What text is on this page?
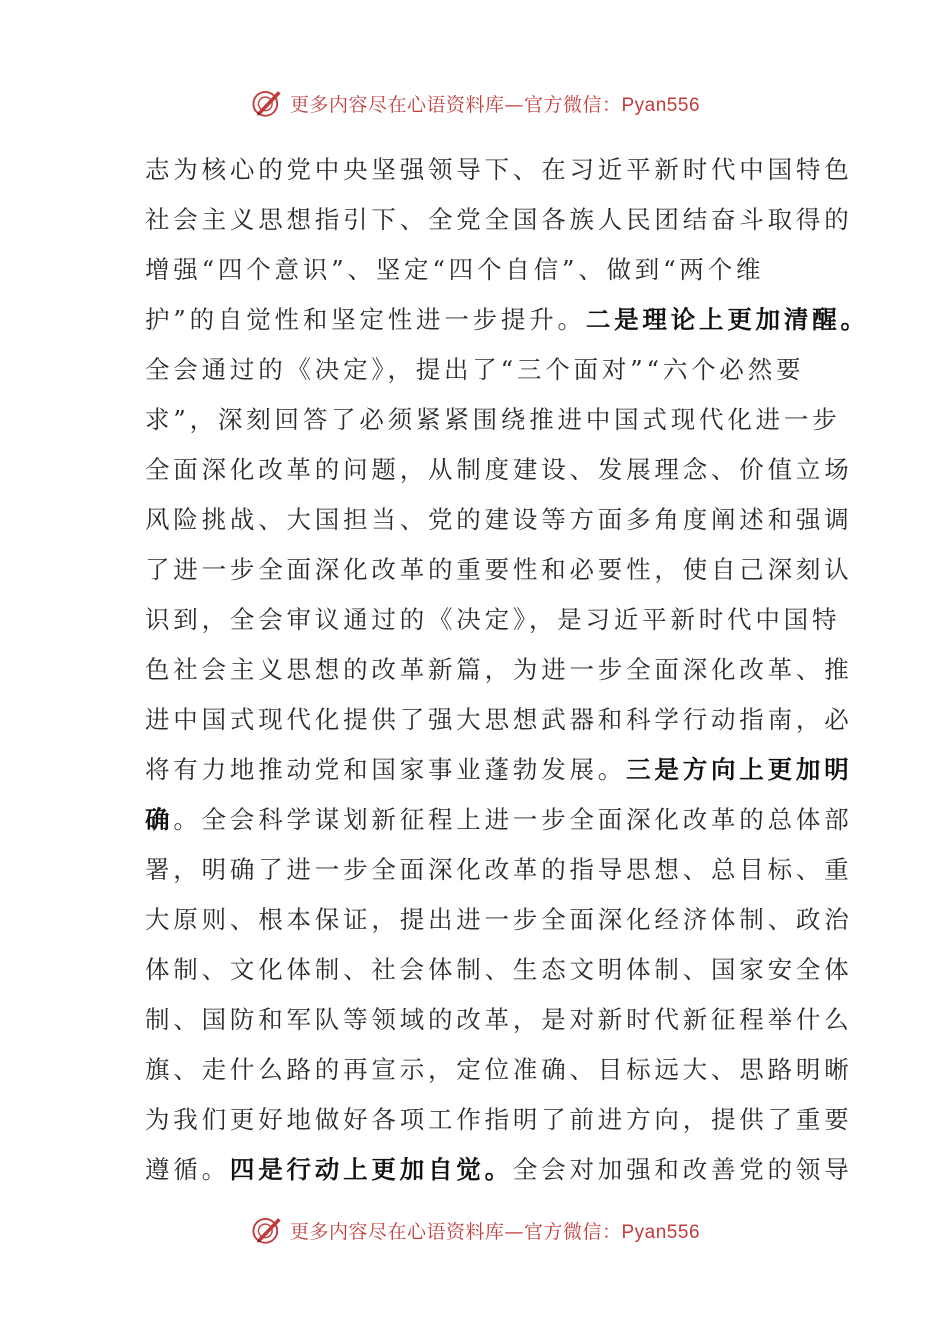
更多内容尽在心语资料库—官方微信：Pyan556
志为核心的党中央坚强领导下、在习近平新时代中国特色
社会主义思想指引下、全党全国各族人民团结奋斗取得的
增强“四个意识”、坚定“四个自信”、做到“两个维
护”的自觉性和坚定性进一步提升。二是理论上更加清醒。
全会通过的《决定》，提出了“三个面对”“六个必然要
求”，深刻回答了必须紧紧围绕推进中国式现代化进一步
全面深化改革的问题，从制度建设、发展理念、价值立场
风险挑战、大国担当、党的建设等方面多角度阐述和强调
了进一步全面深化改革的重要性和必要性，使自己深刻认
识到，全会审议通过的《决定》，是习近平新时代中国特
色社会主义思想的改革新篇，为进一步全面深化改革、推
进中国式现代化提供了强大思想武器和科学行动指南，必
将有力地推动党和国家事业蓬勃发展。三是方向上更加明
确。全会科学谋划新征程上进一步全面深化改革的总体部
署，明确了进一步全面深化改革的指导思想、总目标、重
大原则、根本保证，提出进一步全面深化经济体制、政治
体制、文化体制、社会体制、生态文明体制、国家安全体
制、国防和军队等领域的改革，是对新时代新征程举什么
旗、走什么路的再宣示，定位准确、目标远大、思路明晰
为我们更好地做好各项工作指明了前进方向，提供了重要
遵循。四是行动上更加自觉。全会对加强和改善党的领导
更多内容尽在心语资料库—官方微信：Pyan556
